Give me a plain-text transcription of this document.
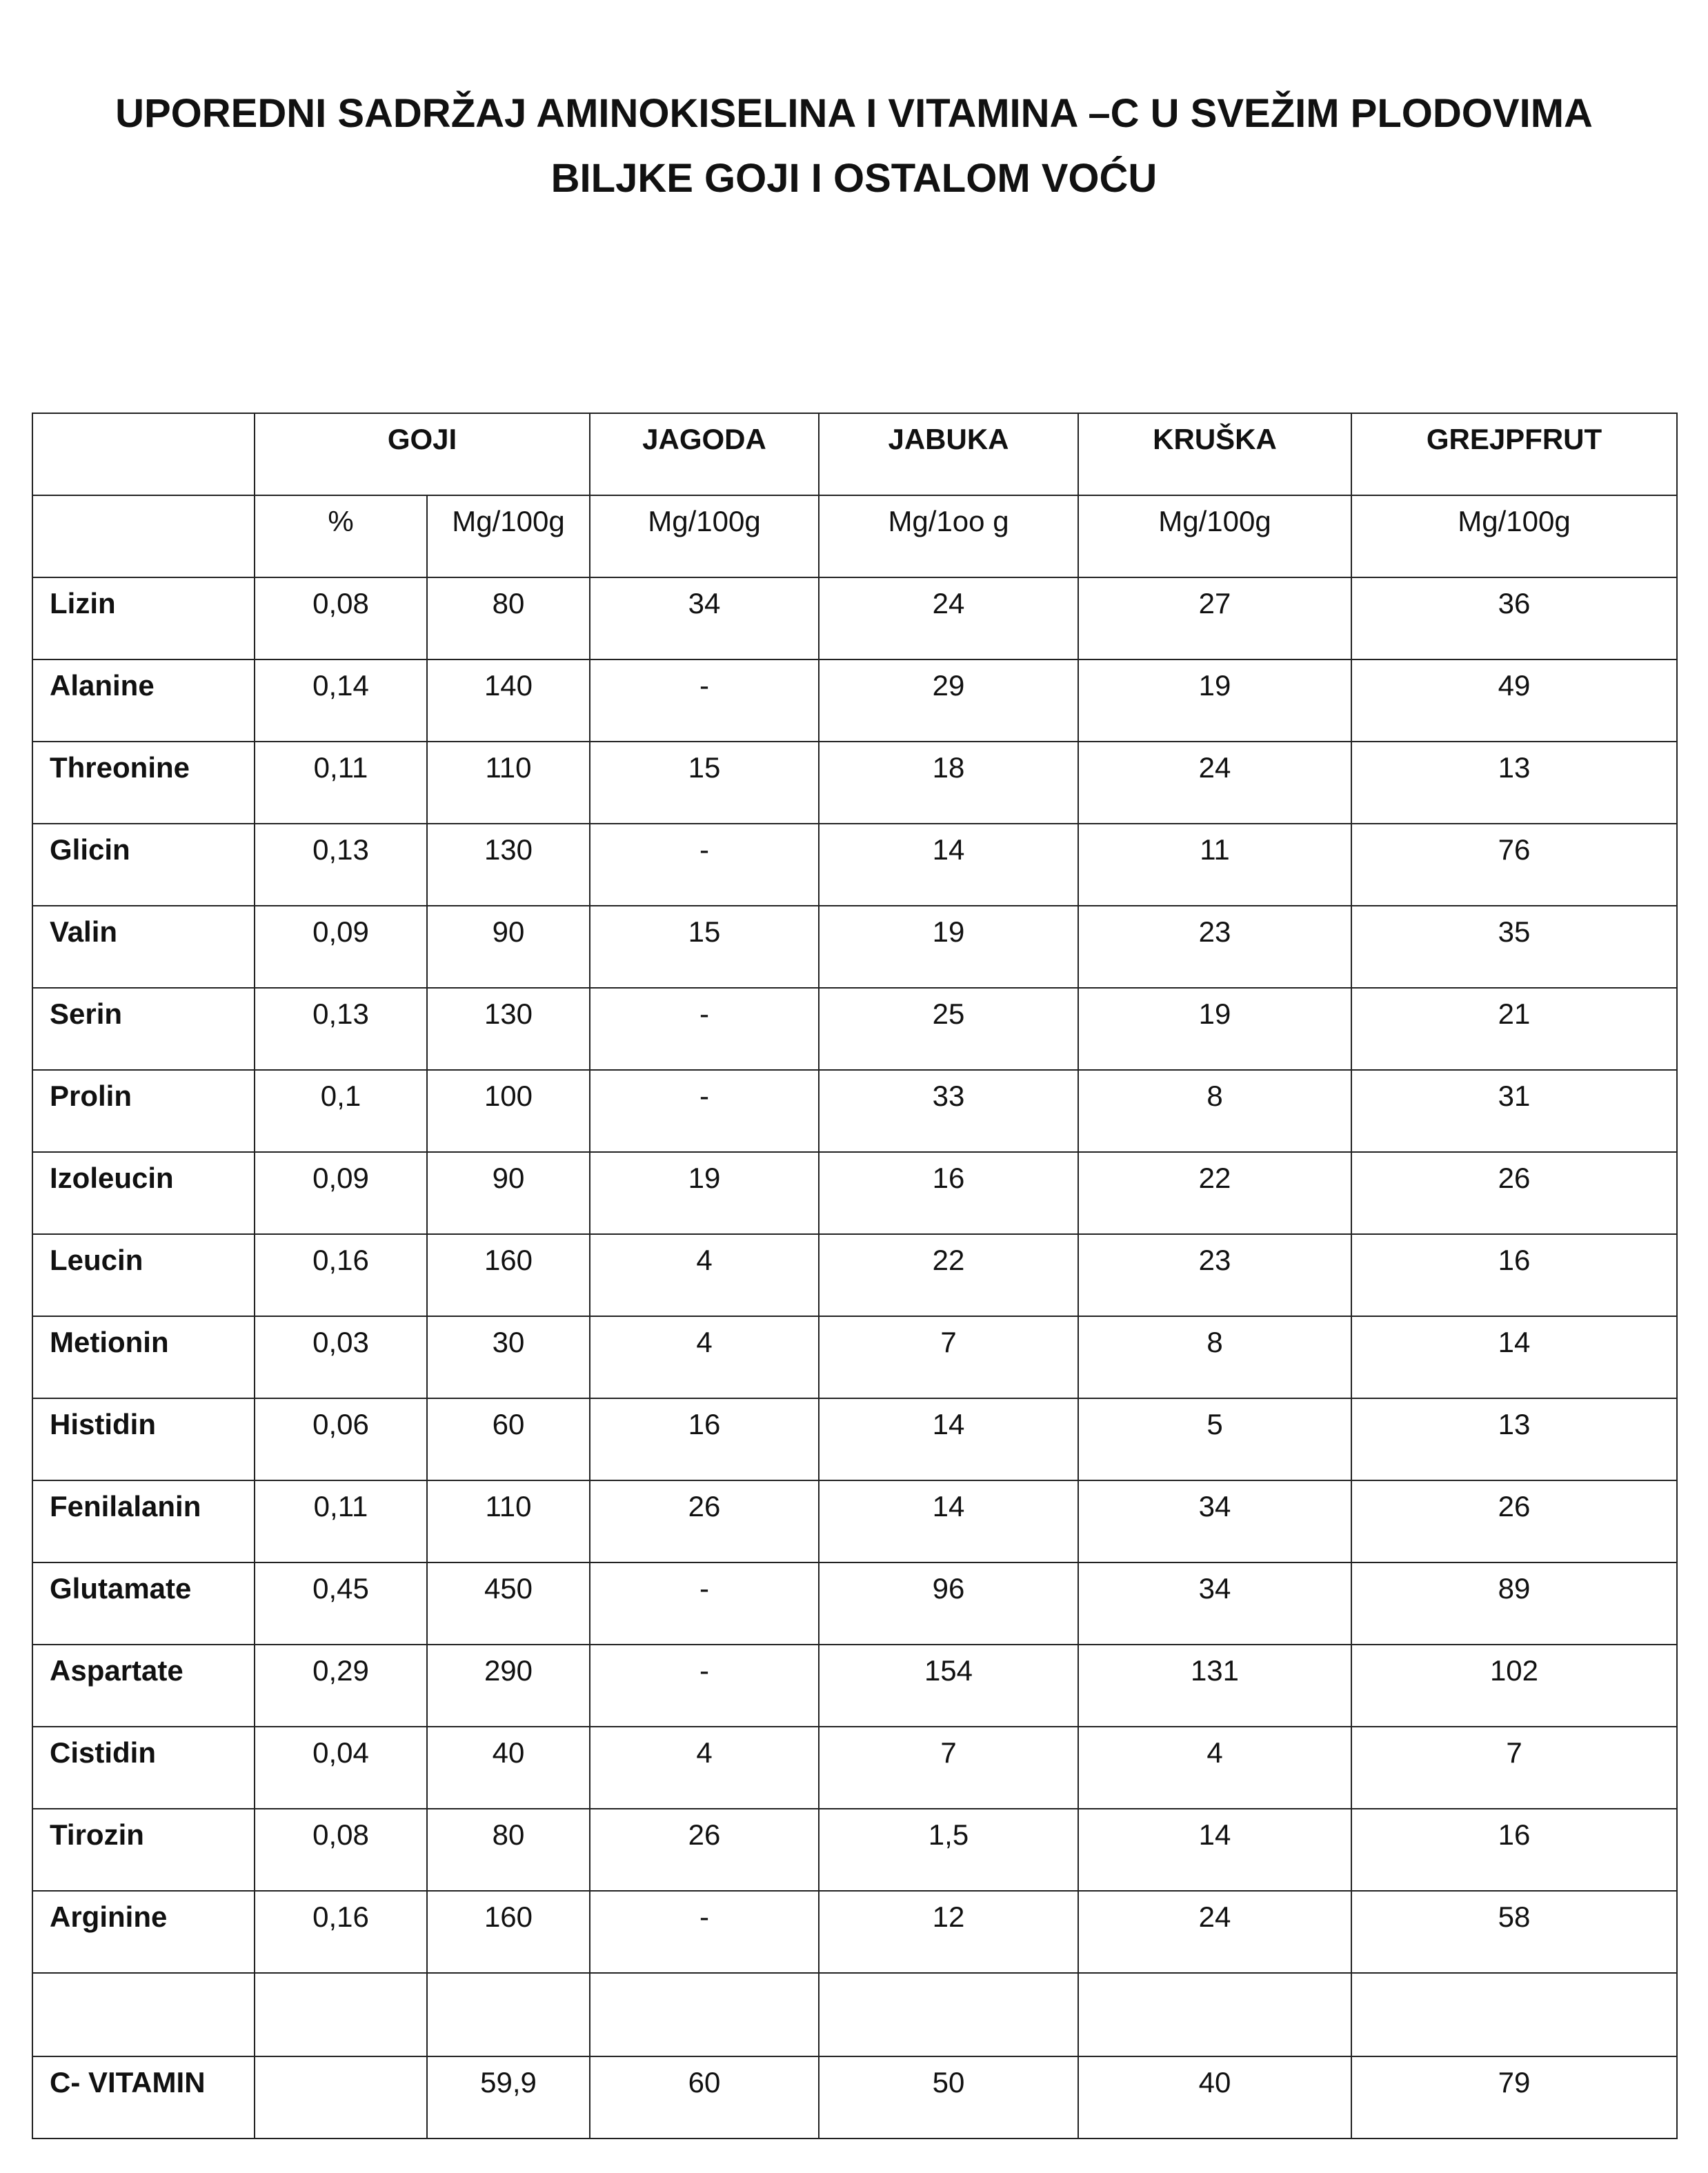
UPOREDNI SADRŽAJ AMINOKISELINA I VITAMINA –C U SVEŽIM PLODOVIMA
BILJKE GOJI I OSTALOM VOĆU

	GOJI		JAGODA	JABUKA	KRUŠKA	GREJPFRUT

	%	Mg/100g	Mg/100g	Mg/1oo g	Mg/100g	Mg/100g

Lizin	0,08	80	34	24	27	36

Alanine	0,14	140	-	29	19	49

Threonine	0,11	110	15	18	24	13

Glicin	0,13	130	-	14	11	76

Valin	0,09	90	15	19	23	35

Serin	0,13	130	-	25	19	21

Prolin	0,1	100	-	33	8	31

Izoleucin	0,09	90	19	16	22	26

Leucin	0,16	160	4	22	23	16

Metionin	0,03	30	4	7	8	14

Histidin	0,06	60	16	14	5	13

Fenilalanin	0,11	110	26	14	34	26

Glutamate	0,45	450	-	96	34	89

Aspartate	0,29	290	-	154	131	102

Cistidin	0,04	40	4	7	4	7

Tirozin	0,08	80	26	1,5	14	16

Arginine	0,16	160	-	12	24	58

C- VITAMIN		59,9	60	50	40	79
